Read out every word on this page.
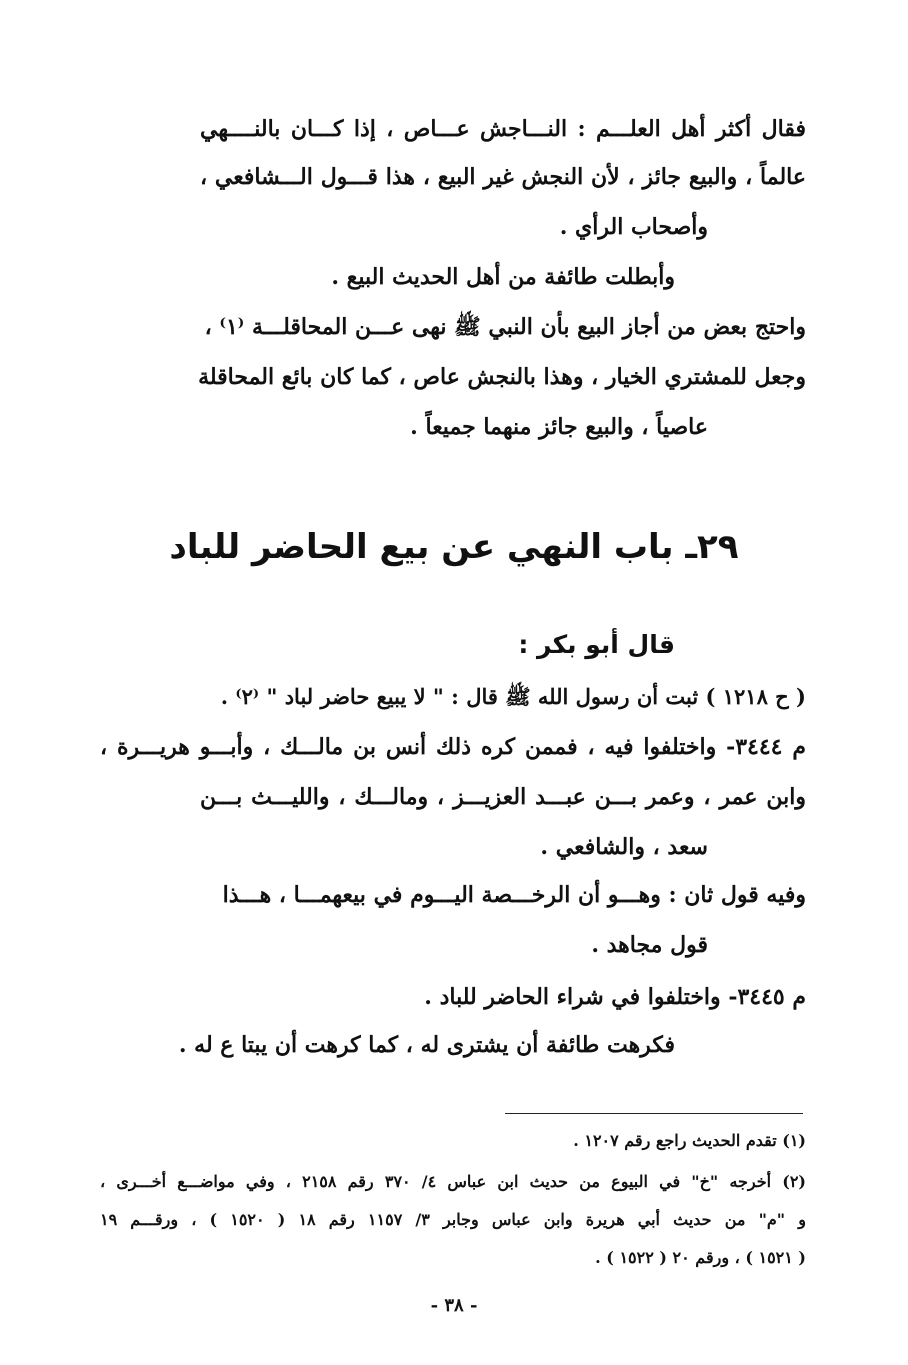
فقال أكثر أهل العلـــم : النـــاجش عـــاص ، إذا كـــان بالنــــهي
عالماً ، والبيع جائز ، لأن النجش غير البيع ، هذا قـــول الـــشافعي ،
وأصحاب الرأي .
وأبطلت طائفة من أهل الحديث البيع .
واحتج بعض من أجاز البيع بأن النبي ﷺ نهى عـــن المحاقلـــة ⁽١⁾ ،
وجعل للمشتري الخيار ، وهذا بالنجش عاص ، كما كان بائع المحاقلة
عاصياً ، والبيع جائز منهما جميعاً .
٢٩ـ باب النهي عن بيع الحاضر للباد
قال أبو بكر :
( ح ١٢١٨ ) ثبت أن رسول الله ﷺ قال : " لا يبيع حاضر لباد " ⁽٢⁾ .
م ٣٤٤٤- واختلفوا فيه ، فممن كره ذلك أنس بن مالـــك ، وأبـــو هريـــرة ،
وابن عمر ، وعمر بـــن عبـــد العزيـــز ، ومالـــك ، والليـــث بـــن
سعد ، والشافعي .
وفيه قول ثان : وهـــو أن الرخـــصة اليـــوم في بيعهمـــا ، هـــذا
قول مجاهد .
م ٣٤٤٥- واختلفوا في شراء الحاضر للباد .
فكرهت طائفة أن يشترى له ، كما كرهت أن يبتا ع له .
(١) تقدم الحديث راجع رقم ١٢٠٧ .
(٢) أخرجه "خ" في البيوع من حديث ابن عباس ٤/ ٣٧٠ رقم ٢١٥٨ ، وفي مواضـــع أخـــرى ،
و "م" من حديث أبي هريرة وابن عباس وجابر ٣/ ١١٥٧ رقم ١٨ ( ١٥٢٠ ) ، ورقـــم ١٩
( ١٥٢١ ) ، ورقم ٢٠ ( ١٥٢٢ ) .
- ٣٨ -
